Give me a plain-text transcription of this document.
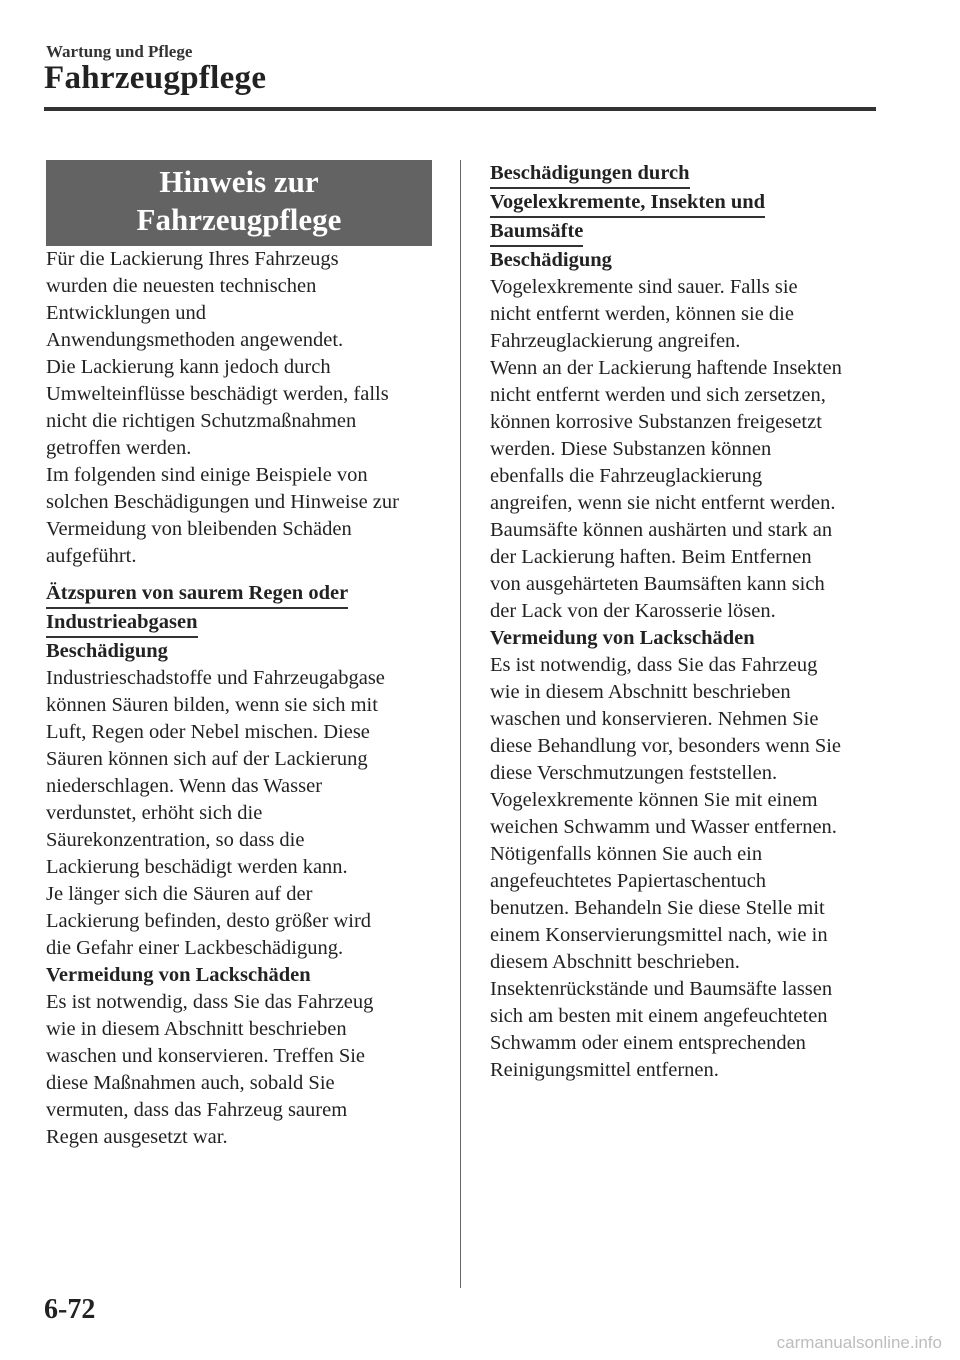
Wartung und Pflege
Fahrzeugpflege
Hinweis zur
Fahrzeugpflege

Für die Lackierung Ihres Fahrzeugs
wurden die neuesten technischen
Entwicklungen und
Anwendungsmethoden angewendet.

Die Lackierung kann jedoch durch
Umwelteinflüsse beschädigt werden, falls
nicht die richtigen Schutzmaßnahmen
getroffen werden.

Im folgenden sind einige Beispiele von
solchen Beschädigungen und Hinweise zur
Vermeidung von bleibenden Schäden
aufgeführt.

Ätzspuren von saurem Regen oder
Industrieabgasen

Beschädigung

Industrieschadstoffe und Fahrzeugabgase
können Säuren bilden, wenn sie sich mit
Luft, Regen oder Nebel mischen. Diese
Säuren können sich auf der Lackierung
niederschlagen. Wenn das Wasser
verdunstet, erhöht sich die
Säurekonzentration, so dass die
Lackierung beschädigt werden kann.
Je länger sich die Säuren auf der
Lackierung befinden, desto größer wird
die Gefahr einer Lackbeschädigung.

Vermeidung von Lackschäden

Es ist notwendig, dass Sie das Fahrzeug
wie in diesem Abschnitt beschrieben
waschen und konservieren. Treffen Sie
diese Maßnahmen auch, sobald Sie
vermuten, dass das Fahrzeug saurem
Regen ausgesetzt war.

Beschädigungen durch
Vogelexkremente, Insekten und
Baumsäfte

Beschädigung

Vogelexkremente sind sauer. Falls sie
nicht entfernt werden, können sie die
Fahrzeuglackierung angreifen.

Wenn an der Lackierung haftende Insekten
nicht entfernt werden und sich zersetzen,
können korrosive Substanzen freigesetzt
werden. Diese Substanzen können
ebenfalls die Fahrzeuglackierung
angreifen, wenn sie nicht entfernt werden.

Baumsäfte können aushärten und stark an
der Lackierung haften. Beim Entfernen
von ausgehärteten Baumsäften kann sich
der Lack von der Karosserie lösen.

Vermeidung von Lackschäden

Es ist notwendig, dass Sie das Fahrzeug
wie in diesem Abschnitt beschrieben
waschen und konservieren. Nehmen Sie
diese Behandlung vor, besonders wenn Sie
diese Verschmutzungen feststellen.

Vogelexkremente können Sie mit einem
weichen Schwamm und Wasser entfernen.
Nötigenfalls können Sie auch ein
angefeuchtetes Papiertaschentuch
benutzen. Behandeln Sie diese Stelle mit
einem Konservierungsmittel nach, wie in
diesem Abschnitt beschrieben.
Insektenrückstände und Baumsäfte lassen
sich am besten mit einem angefeuchteten
Schwamm oder einem entsprechenden
Reinigungsmittel entfernen.

6-72
carmanualsonline.info
